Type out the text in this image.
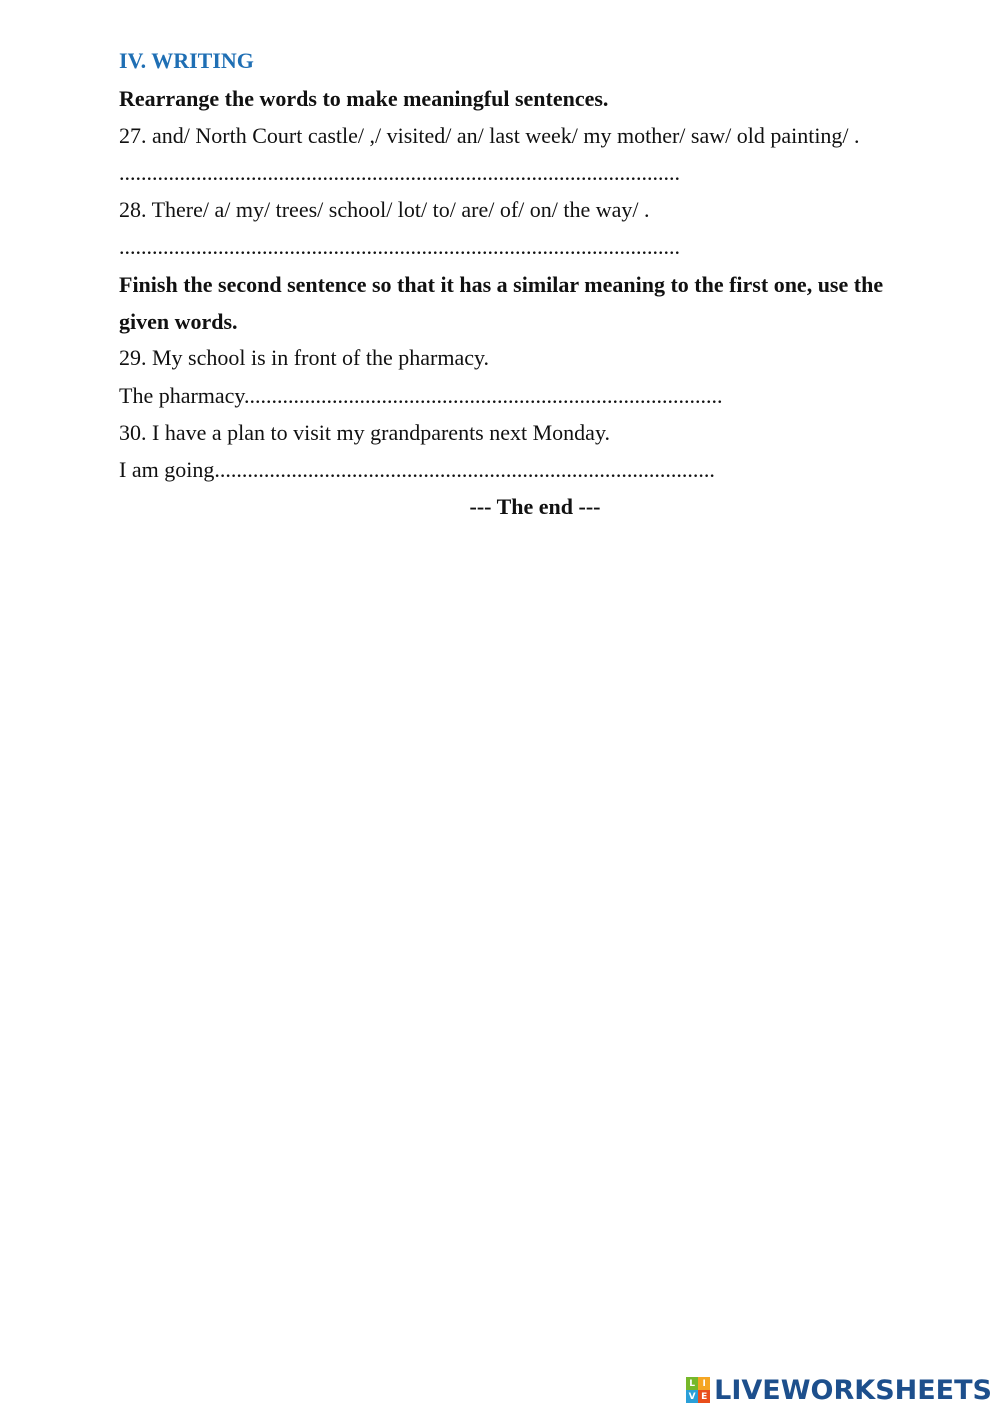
IV. WRITING
Rearrange the words to make meaningful sentences.
27. and/ North Court castle/ ,/ visited/ an/ last week/ my mother/ saw/ old painting/ .
......................................................................................................
28. There/ a/ my/ trees/ school/ lot/ to/ are/ of/ on/ the way/ .
......................................................................................................
Finish the second sentence so that it has a similar meaning to the first one, use the
given words.
29. My school is in front of the pharmacy.
The pharmacy.......................................................................................
30. I have a plan to visit my grandparents next Monday.
I am going...........................................................................................
--- The end ---
L I
V E LIVEWORKSHEETS
